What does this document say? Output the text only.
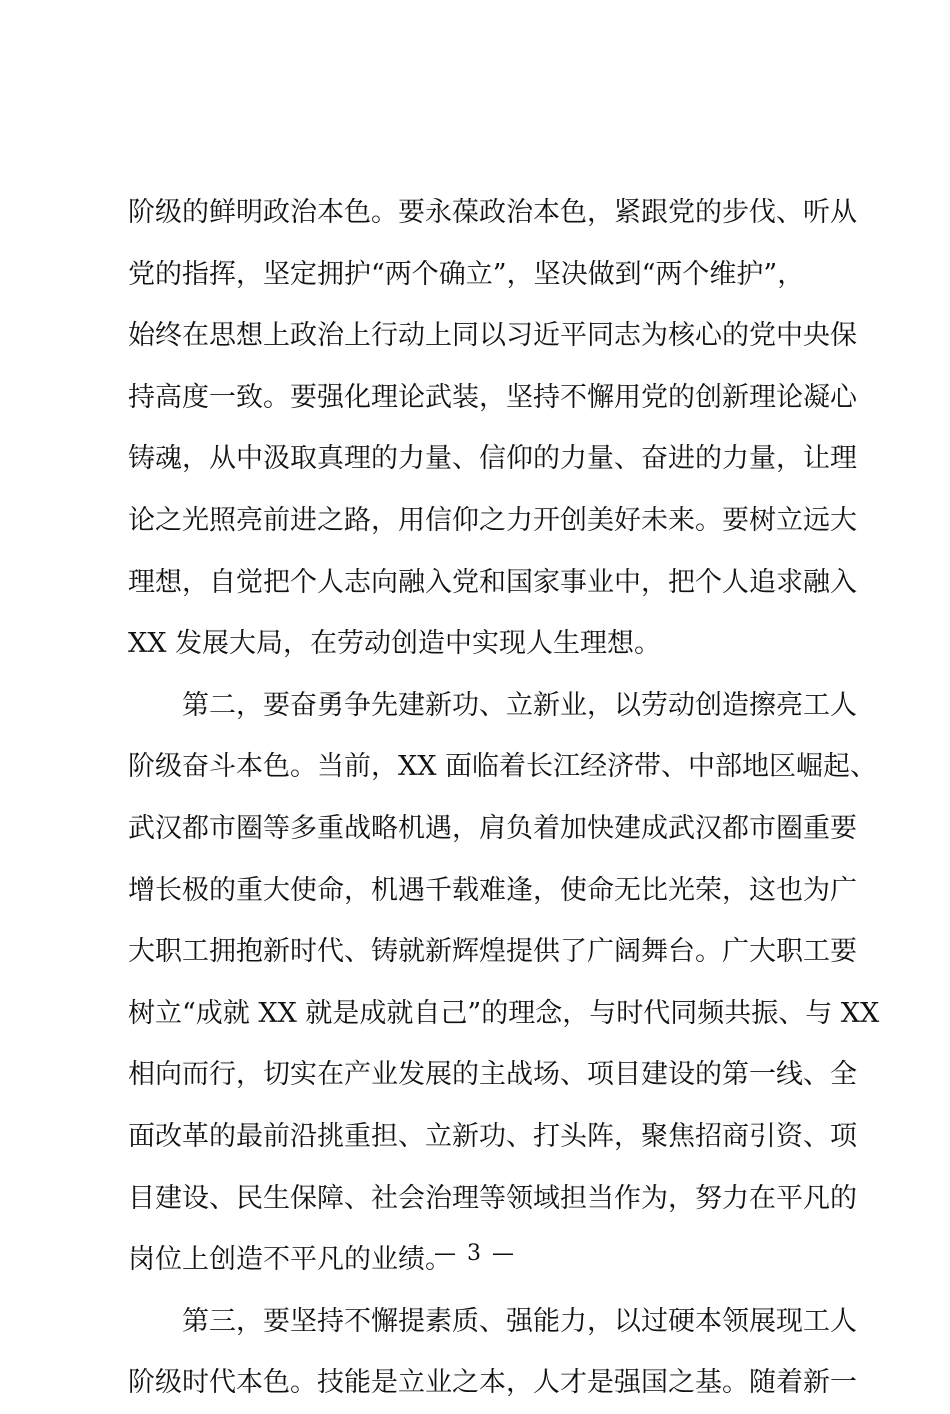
阶级的鲜明政治本色。要永葆政治本色，紧跟党的步伐、听从
党的指挥，坚定拥护“两个确立”，坚决做到“两个维护”，
始终在思想上政治上行动上同以习近平同志为核心的党中央保
持高度一致。要强化理论武装，坚持不懈用党的创新理论凝心
铸魂，从中汲取真理的力量、信仰的力量、奋进的力量，让理
论之光照亮前进之路，用信仰之力开创美好未来。要树立远大
理想，自觉把个人志向融入党和国家事业中，把个人追求融入
XX 发展大局，在劳动创造中实现人生理想。
第二，要奋勇争先建新功、立新业，以劳动创造擦亮工人
阶级奋斗本色。当前，XX 面临着长江经济带、中部地区崛起、
武汉都市圈等多重战略机遇，肩负着加快建成武汉都市圈重要
增长极的重大使命，机遇千载难逢，使命无比光荣，这也为广
大职工拥抱新时代、铸就新辉煌提供了广阔舞台。广大职工要
树立“成就 XX 就是成就自己”的理念，与时代同频共振、与 XX
相向而行，切实在产业发展的主战场、项目建设的第一线、全
面改革的最前沿挑重担、立新功、打头阵，聚焦招商引资、项
目建设、民生保障、社会治理等领域担当作为，努力在平凡的
岗位上创造不平凡的业绩。
第三，要坚持不懈提素质、强能力，以过硬本领展现工人
阶级时代本色。技能是立业之本，人才是强国之基。随着新一
— 3 —
